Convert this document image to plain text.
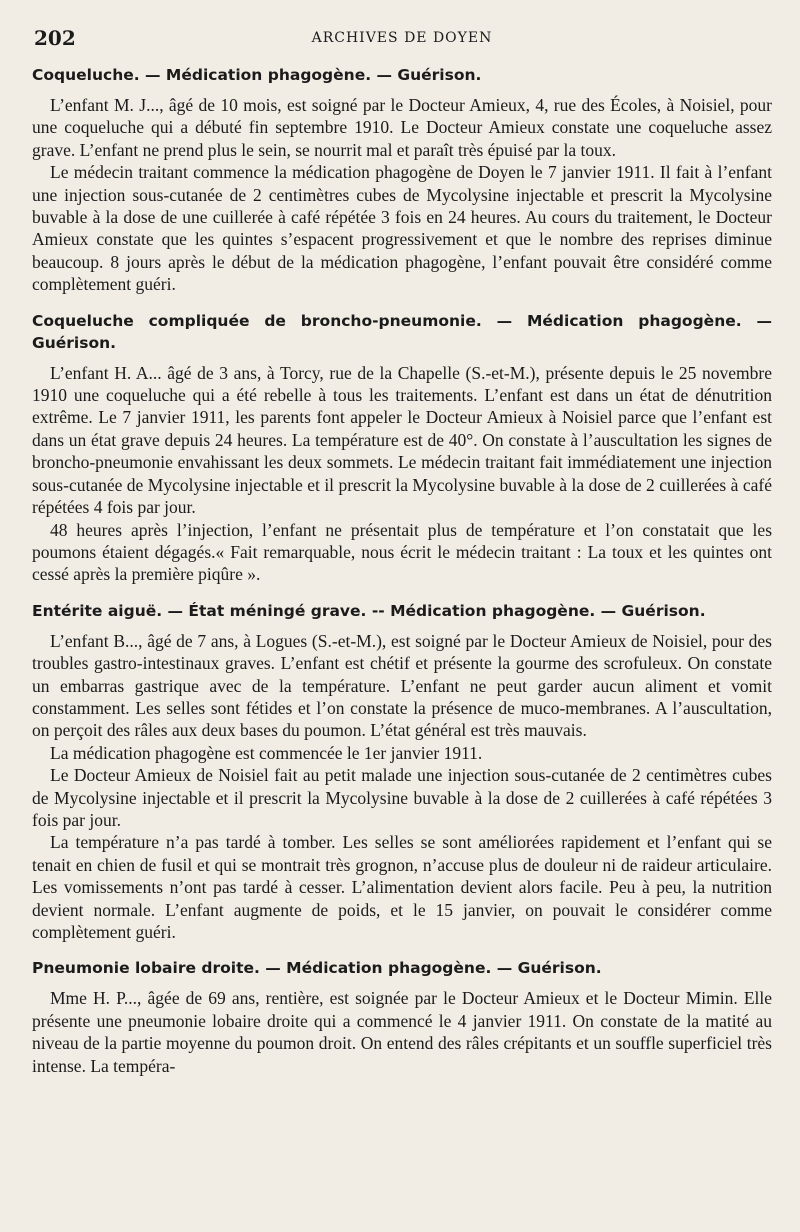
202	ARCHIVES DE DOYEN
Coqueluche. — Médication phagogène. — Guérison.

L’enfant M. J..., âgé de 10 mois, est soigné par le Docteur Amieux, 4, rue des Écoles, à Noisiel, pour une coqueluche qui a débuté fin septembre 1910. Le Docteur Amieux constate une coqueluche assez grave. L’enfant ne prend plus le sein, se nourrit mal et paraît très épuisé par la toux.

Le médecin traitant commence la médication phagogène de Doyen le 7 janvier 1911. Il fait à l’enfant une injection sous-cutanée de 2 centimètres cubes de Mycolysine injectable et prescrit la Mycolysine buvable à la dose de une cuillerée à café répétée 3 fois en 24 heures. Au cours du traitement, le Docteur Amieux constate que les quintes s’espacent progressivement et que le nombre des reprises diminue beaucoup. 8 jours après le début de la médication phagogène, l’enfant pouvait être considéré comme complètement guéri.

Coqueluche compliquée de broncho-pneumonie. — Médication phagogène. — Guérison.

L’enfant H. A... âgé de 3 ans, à Torcy, rue de la Chapelle (S.-et-M.), présente depuis le 25 novembre 1910 une coqueluche qui a été rebelle à tous les traitements. L’enfant est dans un état de dénutrition extrême. Le 7 janvier 1911, les parents font appeler le Docteur Amieux à Noisiel parce que l’enfant est dans un état grave depuis 24 heures. La température est de 40°. On constate à l’auscultation les signes de broncho-pneumonie envahissant les deux sommets. Le médecin traitant fait immédiatement une injection sous-cutanée de Mycolysine injectable et il prescrit la Mycolysine buvable à la dose de 2 cuillerées à café répétées 4 fois par jour.

48 heures après l’injection, l’enfant ne présentait plus de température et l’on constatait que les poumons étaient dégagés.« Fait remarquable, nous écrit le médecin traitant : La toux et les quintes ont cessé après la première piqûre ».

Entérite aiguë. — État méningé grave. -- Médication phagogène. — Guérison.

L’enfant B..., âgé de 7 ans, à Logues (S.-et-M.), est soigné par le Docteur Amieux de Noisiel, pour des troubles gastro-intestinaux graves. L’enfant est chétif et présente la gourme des scrofuleux. On constate un embarras gastrique avec de la température. L’enfant ne peut garder aucun aliment et vomit constamment. Les selles sont fétides et l’on constate la présence de muco-membranes. A l’auscultation, on perçoit des râles aux deux bases du poumon. L’état général est très mauvais.

La médication phagogène est commencée le 1er janvier 1911.

Le Docteur Amieux de Noisiel fait au petit malade une injection sous-cutanée de 2 centimètres cubes de Mycolysine injectable et il prescrit la Mycolysine buvable à la dose de 2 cuillerées à café répétées 3 fois par jour.

La température n’a pas tardé à tomber. Les selles se sont améliorées rapidement et l’enfant qui se tenait en chien de fusil et qui se montrait très grognon, n’accuse plus de douleur ni de raideur articulaire. Les vomissements n’ont pas tardé à cesser. L’alimentation devient alors facile. Peu à peu, la nutrition devient normale. L’enfant augmente de poids, et le 15 janvier, on pouvait le considérer comme complètement guéri.

Pneumonie lobaire droite. — Médication phagogène. — Guérison.

Mme H. P..., âgée de 69 ans, rentière, est soignée par le Docteur Amieux et le Docteur Mimin. Elle présente une pneumonie lobaire droite qui a commencé le 4 janvier 1911. On constate de la matité au niveau de la partie moyenne du poumon droit. On entend des râles crépitants et un souffle superficiel très intense. La tempéra-
